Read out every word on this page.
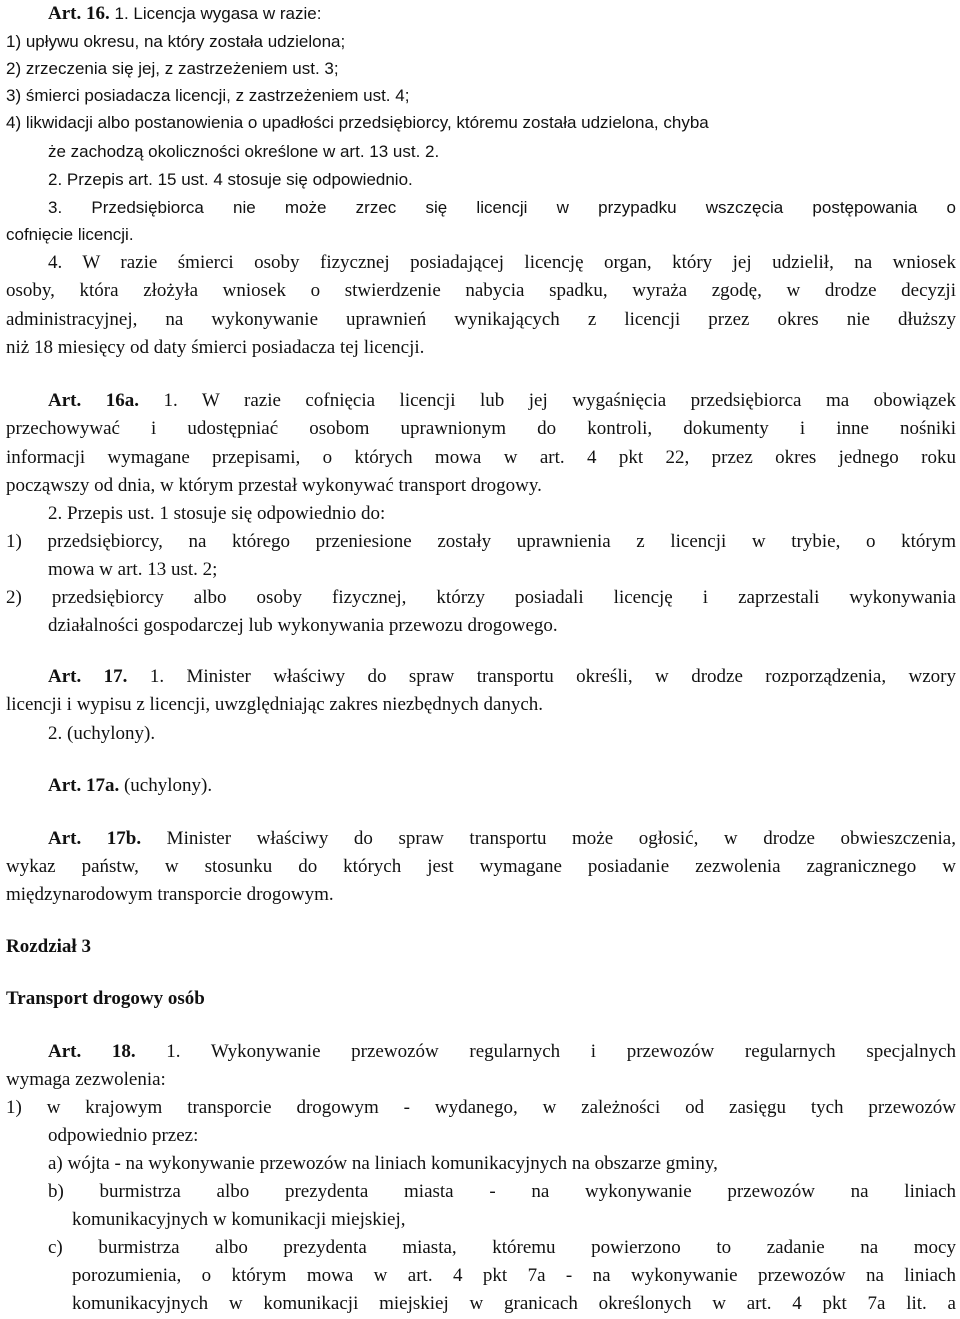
Art. 16. 1. Licencja wygasa w razie:
1) upływu okresu, na który została udzielona;
2) zrzeczenia się jej, z zastrzeżeniem ust. 3;
3) śmierci posiadacza licencji, z zastrzeżeniem ust. 4;
4) likwidacji albo postanowienia o upadłości przedsiębiorcy, któremu została udzielona, chyba
że zachodzą okoliczności określone w art. 13 ust. 2.
2. Przepis art. 15 ust. 4 stosuje się odpowiednio.
3. Przedsiębiorca nie może zrzec się licencji w przypadku wszczęcia postępowania o
cofnięcie licencji.
4. W razie śmierci osoby fizycznej posiadającej licencję organ, który jej udzielił, na wniosek
osoby, która złożyła wniosek o stwierdzenie nabycia spadku, wyraża zgodę, w drodze decyzji
administracyjnej, na wykonywanie uprawnień wynikających z licencji przez okres nie dłuższy
niż 18 miesięcy od daty śmierci posiadacza tej licencji.
Art. 16a. 1. W razie cofnięcia licencji lub jej wygaśnięcia przedsiębiorca ma obowiązek
przechowywać i udostępniać osobom uprawnionym do kontroli, dokumenty i inne nośniki
informacji wymagane przepisami, o których mowa w art. 4 pkt 22, przez okres jednego roku
począwszy od dnia, w którym przestał wykonywać transport drogowy.
2. Przepis ust. 1 stosuje się odpowiednio do:
1) przedsiębiorcy, na którego przeniesione zostały uprawnienia z licencji w trybie, o którym
mowa w art. 13 ust. 2;
2) przedsiębiorcy albo osoby fizycznej, którzy posiadali licencję i zaprzestali wykonywania
działalności gospodarczej lub wykonywania przewozu drogowego.
Art. 17. 1. Minister właściwy do spraw transportu określi, w drodze rozporządzenia, wzory
licencji i wypisu z licencji, uwzględniając zakres niezbędnych danych.
2. (uchylony).
Art. 17a. (uchylony).
Art. 17b. Minister właściwy do spraw transportu może ogłosić, w drodze obwieszczenia,
wykaz państw, w stosunku do których jest wymagane posiadanie zezwolenia zagranicznego w
międzynarodowym transporcie drogowym.
Rozdział 3
Transport drogowy osób
Art. 18. 1. Wykonywanie przewozów regularnych i przewozów regularnych specjalnych
wymaga zezwolenia:
1) w krajowym transporcie drogowym - wydanego, w zależności od zasięgu tych przewozów
odpowiednio przez:
a) wójta - na wykonywanie przewozów na liniach komunikacyjnych na obszarze gminy,
b) burmistrza albo prezydenta miasta - na wykonywanie przewozów na liniach
komunikacyjnych w komunikacji miejskiej,
c) burmistrza albo prezydenta miasta, któremu powierzono to zadanie na mocy
porozumienia, o którym mowa w art. 4 pkt 7a - na wykonywanie przewozów na liniach
komunikacyjnych w komunikacji miejskiej w granicach określonych w art. 4 pkt 7a lit. a
